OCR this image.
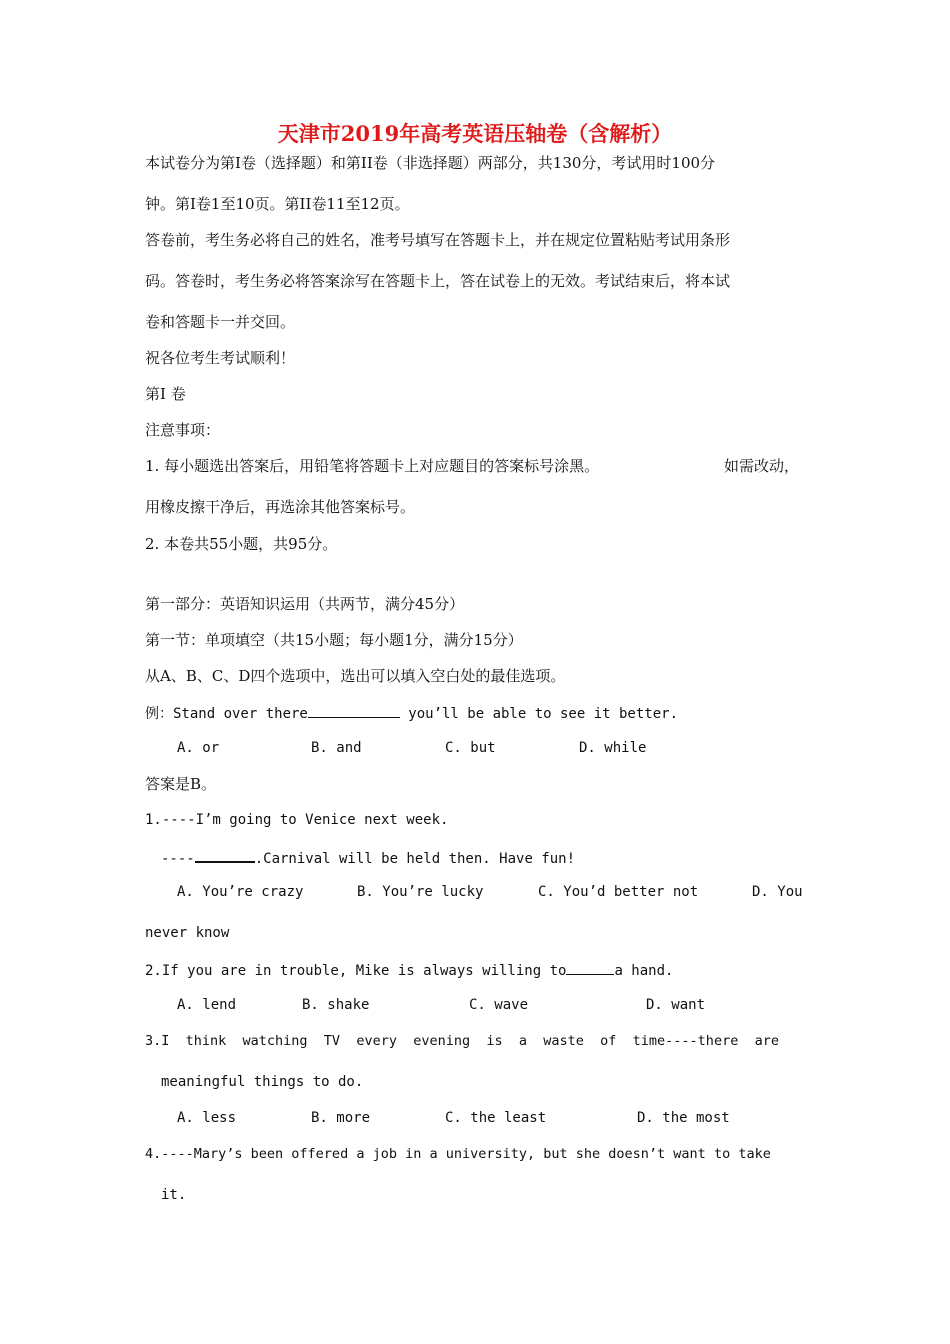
天津市2019年高考英语压轴卷（含解析）
本试卷分为第I卷（选择题）和第II卷（非选择题）两部分，共130分，考试用时100分
钟。第I卷1至10页。第II卷11至12页。
答卷前，考生务必将自己的姓名，准考号填写在答题卡上，并在规定位置粘贴考试用条形
码。答卷时，考生务必将答案涂写在答题卡上，答在试卷上的无效。考试结束后，将本试
卷和答题卡一并交回。
祝各位考生考试顺利！
第I 卷
注意事项：
1. 每小题选出答案后，用铅笔将答题卡上对应题目的答案标号涂黑。	如需改动，
用橡皮擦干净后，再选涂其他答案标号。
2. 本卷共55小题，共95分。
第一部分：英语知识运用（共两节，满分45分）
第一节：单项填空（共15小题；每小题1分，满分15分）
从A、B、C、D四个选项中，选出可以填入空白处的最佳选项。
例：Stand over there	you’ll be able to see it better.
A. or	B. and	C. but	D. while
答案是B。
1.----I’m going to Venice next week.
----	.Carnival will be held then. Have fun!
A. You’re crazy	B. You’re lucky	C. You’d better not	D. You
never know
2.If you are in trouble, Mike is always willing to	a hand.
A. lend	B. shake	C. wave	D. want
3.I  think  watching  TV  every  evening  is  a  waste  of  time----there  are
meaningful things to do.
A. less	B. more	C. the least	D. the most
4.----Mary’s been offered a job in a university, but she doesn’t want to take
it.
